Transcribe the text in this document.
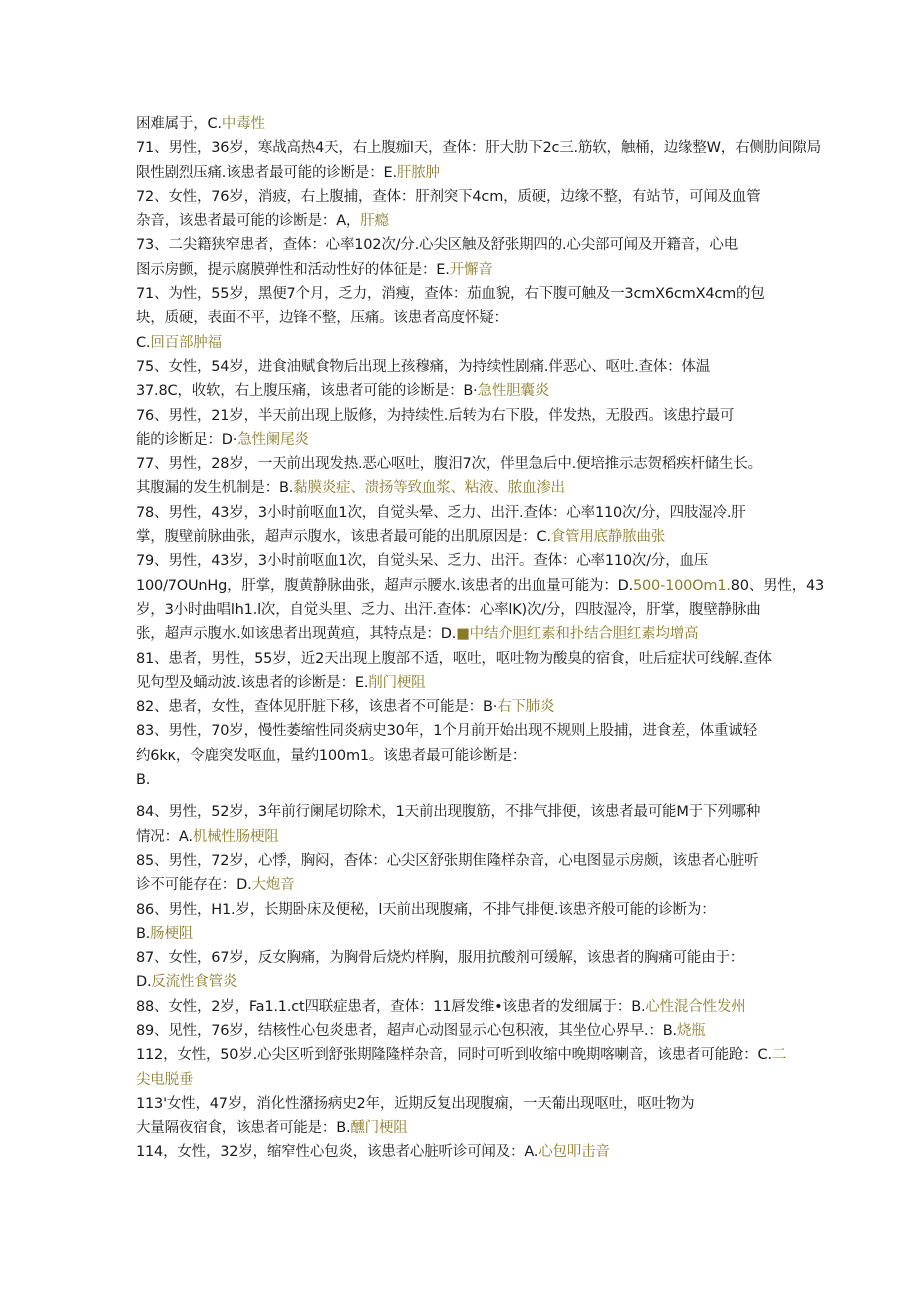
困难属于，C.中毒性
71、男性，36岁，寒战高热4天，右上腹痂l天，查体：肝大肋下2c三.筋软，触桶，边缘整W，右侧肋间隙局
限性剧烈压痛.该患者最可能的诊断是：E.肝脓肿
72、女性，76岁，消疲，右上腹捕，查体：肝剂突下4cm，质硬，边缘不整，有站节，可闻及血管
杂音，该患者最可能的诊断是：A，肝瘾
73、二尖籍狭窄患者，查体：心率102次/分.心尖区触及舒张期四的.心尖部可闻及开籍音，心电
图示房颤，提示腐膜弹性和活动性好的体征是：E.开懈音
71、为性，55岁，黑便7个月，乏力，消瘦，查体：茄血貌，右下腹可触及一3cmX6cmX4cm的包
块，质硬，表面不平，边锋不整，压痛。该患者高度怀疑：
C.回百部肿福
75、女性，54岁，进食油赋食物后出现上孩穆痛，为持续性剧痛.伴恶心、呕吐.查体：体温
37.8C，收软，右上腹压痛，该患者可能的诊断是：B·急性胆囊炎
76、男性，21岁，半天前出现上版修，为持续性.后转为右下股，伴发热，无股西。该患拧最可
能的诊断足：D·急性阑尾炎
77、男性，28岁，一天前出现发热.恶心呕吐，腹汨7次，伴里急后中.便培推示志贺稻疾杆储生长。
其腹漏的发生机制是：B.黏膜炎症、溃扬等致血浆、粘液、脓血渗出
78、男性，43岁，3小时前呕血1次，自觉头晕、乏力、出汗.查体：心率110次/分，四肢湿冷.肝
掌，腹壁前脉曲张，超声示腹水，该患者最可能的出肌原因是：C.食管用底静脓曲张
79、男性，43岁，3小时前呕血1次，自觉头呆、乏力、出汗。查体：心率110次/分，血压
100/7OUnHg，肝掌，腹黄静脉曲张，超声示腰水.该患者的出血量可能为：D.500-100Om1.80、男性，43
岁，3小时曲唱lh1.l次，自觉头里、乏力、出汗.查体：心率lK)次/分，四肢湿冷，肝掌，腹壁静脉曲
张，超声示腹水.如该患者出现黄疸，其特点是：D.■中结介胆红素和扑结合胆红素均增高
81、患者，男性，55岁，近2天出现上腹部不适，呕吐，呕吐物为酸臭的宿食，吐后症状可线解.查体
见句型及蛹动波.该患者的诊断是：E.削门梗阻
82、患者，女性，查体见肝脏下移，该患者不可能是：B·右下肺炎
83、男性，70岁，慢性萎缩性同炎病史30年，1个月前开始出现不规则上股捕，进食差，体重诚轻
约6kκ，令鹿突发呕血，量约100m1。该患者最可能诊断是：
B.
84、男性，52岁，3年前行阑尾切除术，1天前出现腹筋，不排气排便，该患者最可能M于下列哪种
情况：A.机械性肠梗阻
85、男性，72岁，心悸，胸闷，杳体：心尖区舒张期隹隆样杂音，心电图显示房颇，该患者心脏听
诊不可能存在：D.大炮音
86、男性，H1.岁，长期卧床及便秘，l天前出现腹痛，不排气排便.该患齐般可能的诊断为：
B.肠梗阻
87、女性，67岁，反女胸痛，为胸骨后烧灼样胸，服用抗酸剂可缓解，该患者的胸痛可能由于：
D.反流性食管炎
88、女性，2岁，Fa1.1.ct四联症患者，查体：11唇发维•该患者的发细属于：B.心性混合性发州
89、见性，76岁，结核性心包炎患者，超声心动图显示心包积液，其坐位心界早.：B.烧瓶
112，女性，50岁.心尖区听到舒张期隆隆样杂音，同时可听到收缩中晚期喀喇音，该患者可能跄：C.二
尖电脱垂
113'女性，47岁，消化性潴扬病史2年，近期反复出现腹痫，一天葡出现呕吐，呕吐物为
大量隔夜宿食，该患者可能是：B.醺门梗阻
114，女性，32岁，缩窄性心包炎，该患者心脏听诊可闻及：A.心包叩击音
